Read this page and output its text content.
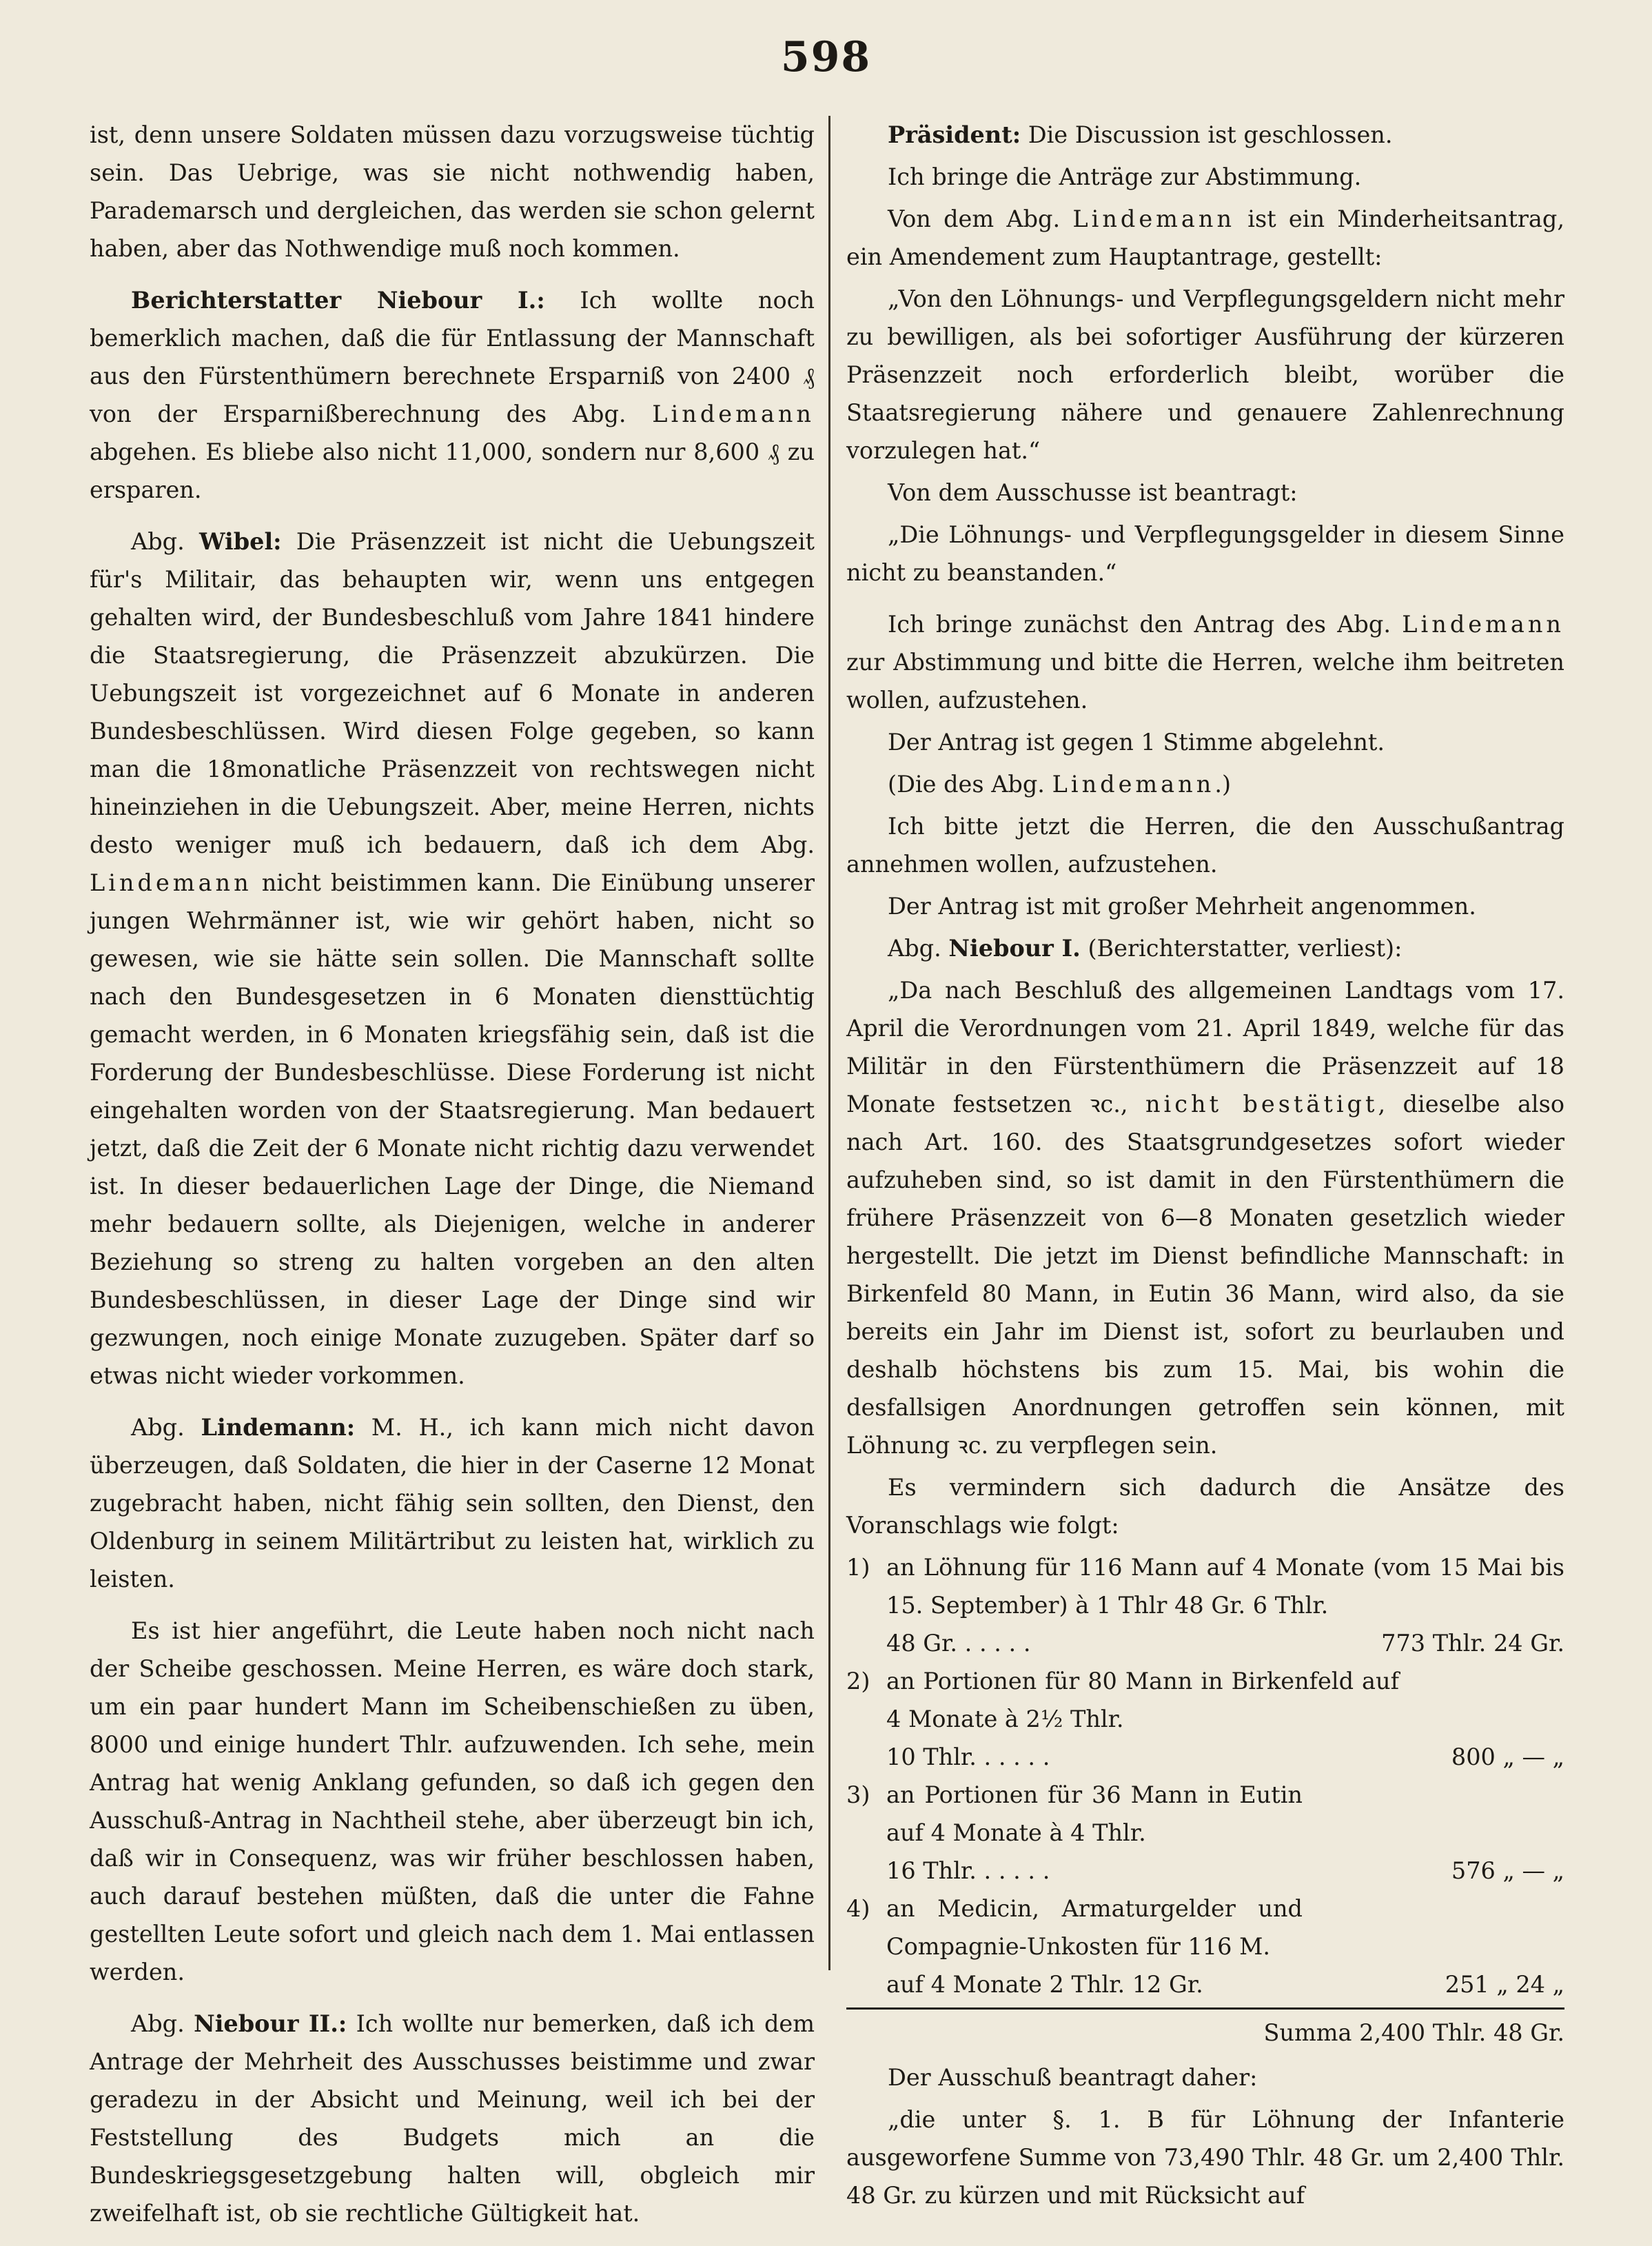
598

ist, denn unsere Soldaten müssen dazu vorzugsweise tüchtig sein. Das Uebrige, was sie nicht nothwendig haben, Parademarsch und dergleichen, das werden sie schon gelernt haben, aber das Nothwendige muß noch kommen.

Berichterstatter Niebour I.: Ich wollte noch bemerklich machen, daß die für Entlassung der Mannschaft aus den Fürstenthümern berechnete Ersparniß von 2400 ₰ von der Ersparnißberechnung des Abg. Lindemann abgehen. Es bliebe also nicht 11,000, sondern nur 8,600 ₰ zu ersparen.

Abg. Wibel: Die Präsenzzeit ist nicht die Uebungszeit für's Militair, das behaupten wir, wenn uns entgegen gehalten wird, der Bundesbeschluß vom Jahre 1841 hindere die Staatsregierung, die Präsenzzeit abzukürzen. Die Uebungszeit ist vorgezeichnet auf 6 Monate in anderen Bundesbeschlüssen. Wird diesen Folge gegeben, so kann man die 18monatliche Präsenzzeit von rechtswegen nicht hineinziehen in die Uebungszeit. Aber, meine Herren, nichts desto weniger muß ich bedauern, daß ich dem Abg. Lindemann nicht beistimmen kann. Die Einübung unserer jungen Wehrmänner ist, wie wir gehört haben, nicht so gewesen, wie sie hätte sein sollen. Die Mannschaft sollte nach den Bundesgesetzen in 6 Monaten diensttüchtig gemacht werden, in 6 Monaten kriegsfähig sein, daß ist die Forderung der Bundesbeschlüsse. Diese Forderung ist nicht eingehalten worden von der Staatsregierung. Man bedauert jetzt, daß die Zeit der 6 Monate nicht richtig dazu verwendet ist. In dieser bedauerlichen Lage der Dinge, die Niemand mehr bedauern sollte, als Diejenigen, welche in anderer Beziehung so streng zu halten vorgeben an den alten Bundesbeschlüssen, in dieser Lage der Dinge sind wir gezwungen, noch einige Monate zuzugeben. Später darf so etwas nicht wieder vorkommen.

Abg. Lindemann: M. H., ich kann mich nicht davon überzeugen, daß Soldaten, die hier in der Caserne 12 Monat zugebracht haben, nicht fähig sein sollten, den Dienst, den Oldenburg in seinem Militärtribut zu leisten hat, wirklich zu leisten.

Es ist hier angeführt, die Leute haben noch nicht nach der Scheibe geschossen. Meine Herren, es wäre doch stark, um ein paar hundert Mann im Scheibenschießen zu üben, 8000 und einige hundert Thlr. aufzuwenden. Ich sehe, mein Antrag hat wenig Anklang gefunden, so daß ich gegen den Ausschuß-Antrag in Nachtheil stehe, aber überzeugt bin ich, daß wir in Consequenz, was wir früher beschlossen haben, auch darauf bestehen müßten, daß die unter die Fahne gestellten Leute sofort und gleich nach dem 1. Mai entlassen werden.

Abg. Niebour II.: Ich wollte nur bemerken, daß ich dem Antrage der Mehrheit des Ausschusses beistimme und zwar geradezu in der Absicht und Meinung, weil ich bei der Feststellung des Budgets mich an die Bundeskriegsgesetzgebung halten will, obgleich mir zweifelhaft ist, ob sie rechtliche Gültigkeit hat.

Präsident: Die Discussion ist geschlossen.

Ich bringe die Anträge zur Abstimmung.

Von dem Abg. Lindemann ist ein Minderheitsantrag, ein Amendement zum Hauptantrage, gestellt:

„Von den Löhnungs- und Verpflegungsgeldern nicht mehr zu bewilligen, als bei sofortiger Ausführung der kürzeren Präsenzzeit noch erforderlich bleibt, worüber die Staatsregierung nähere und genauere Zahlenrechnung vorzulegen hat.“

Von dem Ausschusse ist beantragt:

„Die Löhnungs- und Verpflegungsgelder in diesem Sinne nicht zu beanstanden.“

Ich bringe zunächst den Antrag des Abg. Lindemann zur Abstimmung und bitte die Herren, welche ihm beitreten wollen, aufzustehen.

Der Antrag ist gegen 1 Stimme abgelehnt.

(Die des Abg. Lindemann.)

Ich bitte jetzt die Herren, die den Ausschußantrag annehmen wollen, aufzustehen.

Der Antrag ist mit großer Mehrheit angenommen.

Abg. Niebour I. (Berichterstatter, verliest):

„Da nach Beschluß des allgemeinen Landtags vom 17. April die Verordnungen vom 21. April 1849, welche für das Militär in den Fürstenthümern die Präsenzzeit auf 18 Monate festsetzen ꝛc., nicht bestätigt, dieselbe also nach Art. 160. des Staatsgrundgesetzes sofort wieder aufzuheben sind, so ist damit in den Fürstenthümern die frühere Präsenzzeit von 6—8 Monaten gesetzlich wieder hergestellt. Die jetzt im Dienst befindliche Mannschaft: in Birkenfeld 80 Mann, in Eutin 36 Mann, wird also, da sie bereits ein Jahr im Dienst ist, sofort zu beurlauben und deshalb höchstens bis zum 15. Mai, bis wohin die desfallsigen Anordnungen getroffen sein können, mit Löhnung ꝛc. zu verpflegen sein.

Es vermindern sich dadurch die Ansätze des Voranschlags wie folgt:

1) an Löhnung für 116 Mann auf 4 Monate (vom 15 Mai bis 15. September) à 1 Thlr 48 Gr. 6 Thlr.
48 Gr. . . . . .	773 Thlr. 24 Gr.
2) an Portionen für 80 Mann in Birkenfeld auf 4 Monate à 2½ Thlr.
10 Thlr. . . . . .	800 „ — „
3) an Portionen für 36 Mann in Eutin auf 4 Monate à 4 Thlr.
16 Thlr. . . . . .	576 „ — „
4) an Medicin, Armaturgelder und Compagnie-Unkosten für 116 M.
auf 4 Monate 2 Thlr. 12 Gr.	251 „ 24 „
Summa 2,400 Thlr. 48 Gr.

Der Ausschuß beantragt daher:

„die unter §. 1. B für Löhnung der Infanterie ausgeworfene Summe von 73,490 Thlr. 48 Gr. um 2,400 Thlr. 48 Gr. zu kürzen und mit Rücksicht auf
